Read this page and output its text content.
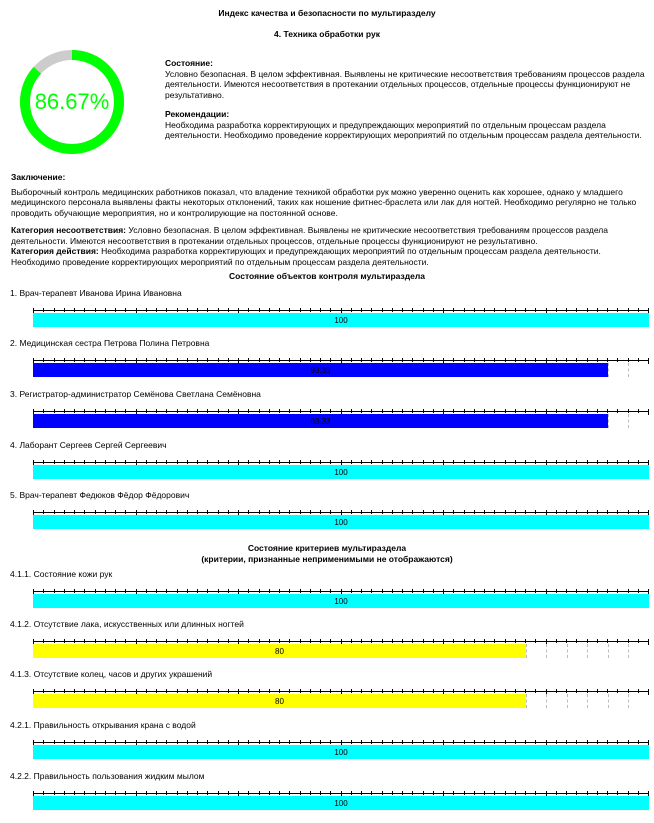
Индекс качества и безопасности по мультиразделу
4. Техника обработки рук
86.67%
Состояние:
Условно безопасная. В целом эффективная. Выявлены не критические несоответствия требованиям процессов раздела деятельности. Имеются несоответствия в протекании отдельных процессов, отдельные процессы функционируют не результативно.
Рекомендации:
Необходима разработка корректирующих и предупреждающих мероприятий по отдельным процессам раздела деятельности. Необходимо проведение корректирующих мероприятий по отдельным процессам раздела деятельности.
Заключение:
Выборочный контроль медицинских работников показал, что владение техникой обработки рук можно уверенно оценить как хорошее, однако у младшего медицинского персонала выявлены факты некоторых отклонений, таких как ношение фитнес-браслета или лак для ногтей. Необходимо регулярно не только проводить обучающие мероприятия, но и контролирующие на постоянной основе.
Категория несоответствия: Условно безопасная. В целом эффективная. Выявлены не критические несоответствия требованиям процессов раздела деятельности. Имеются несоответствия в протекании отдельных процессов, отдельные процессы функционируют не результативно.
Категория действия: Необходима разработка корректирующих и предупреждающих мероприятий по отдельным процессам раздела деятельности. Необходимо проведение корректирующих мероприятий по отдельным процессам раздела деятельности.
Состояние объектов контроля мультираздела
Состояние критериев мультираздела
(критерии, признанные неприменимыми не отображаются)
1. Врач-терапевт Иванова Ирина Ивановна
100
2. Медицинская сестра Петрова Полина Петровна
93.33
3. Регистратор-администратор Семёнова Светлана Семёновна
93.33
4. Лаборант Сергеев Сергей Сергеевич
100
5. Врач-терапевт Федюков Фёдор Фёдорович
100
4.1.1. Состояние кожи рук
100
4.1.2. Отсутствие лака, искусственных или длинных ногтей
80
4.1.3. Отсутствие колец, часов и других украшений
80
4.2.1. Правильность открывания крана с водой
100
4.2.2. Правильность пользования жидким мылом
100
